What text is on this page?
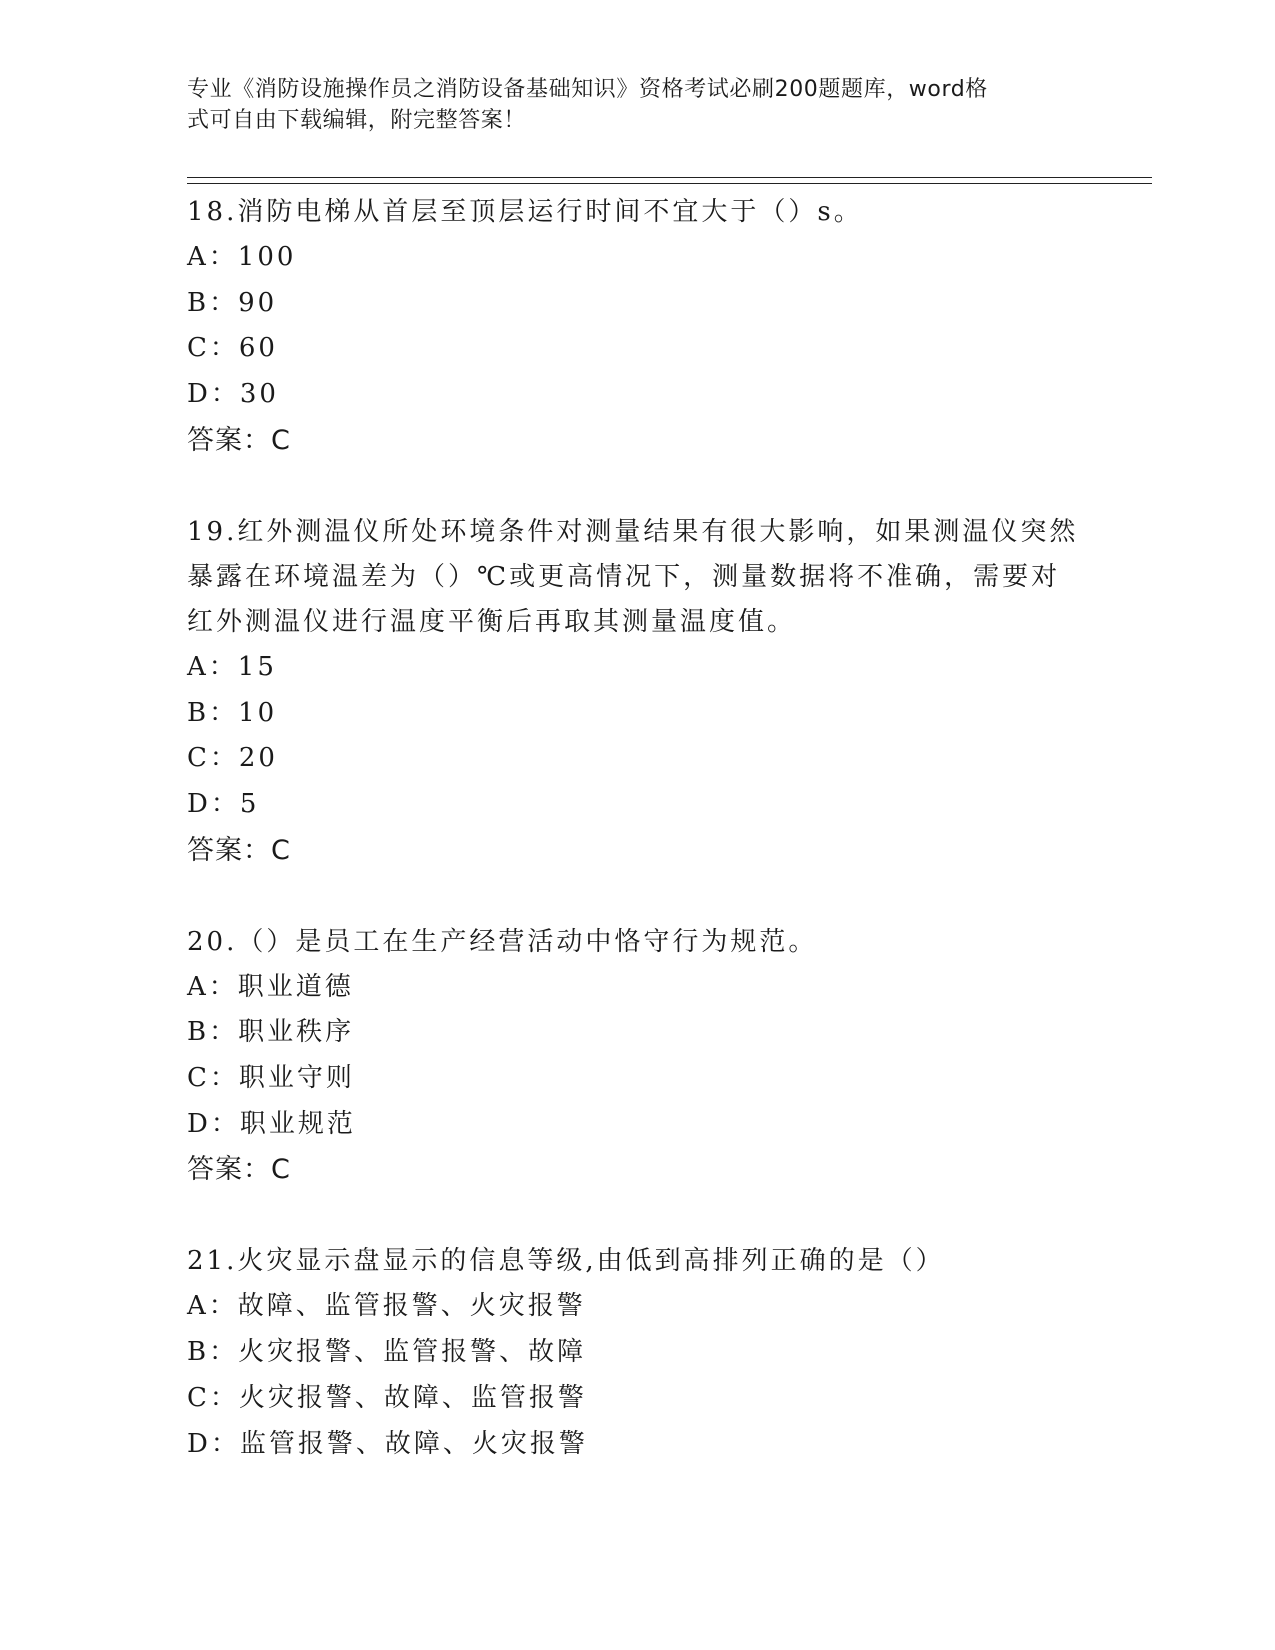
专业《消防设施操作员之消防设备基础知识》资格考试必刷200题题库，word格
式可自由下载编辑，附完整答案！
18.消防电梯从首层至顶层运行时间不宜大于（）s。
A：100
B：90
C：60
D：30
答案：C
19.红外测温仪所处环境条件对测量结果有很大影响，如果测温仪突然
暴露在环境温差为（）℃或更高情况下，测量数据将不准确，需要对
红外测温仪进行温度平衡后再取其测量温度值。
A：15
B：10
C：20
D：5
答案：C
20.（）是员工在生产经营活动中恪守行为规范。
A：职业道德
B：职业秩序
C：职业守则
D：职业规范
答案：C
21.火灾显示盘显示的信息等级,由低到高排列正确的是（）
A：故障、监管报警、火灾报警
B：火灾报警、监管报警、故障
C：火灾报警、故障、监管报警
D：监管报警、故障、火灾报警
